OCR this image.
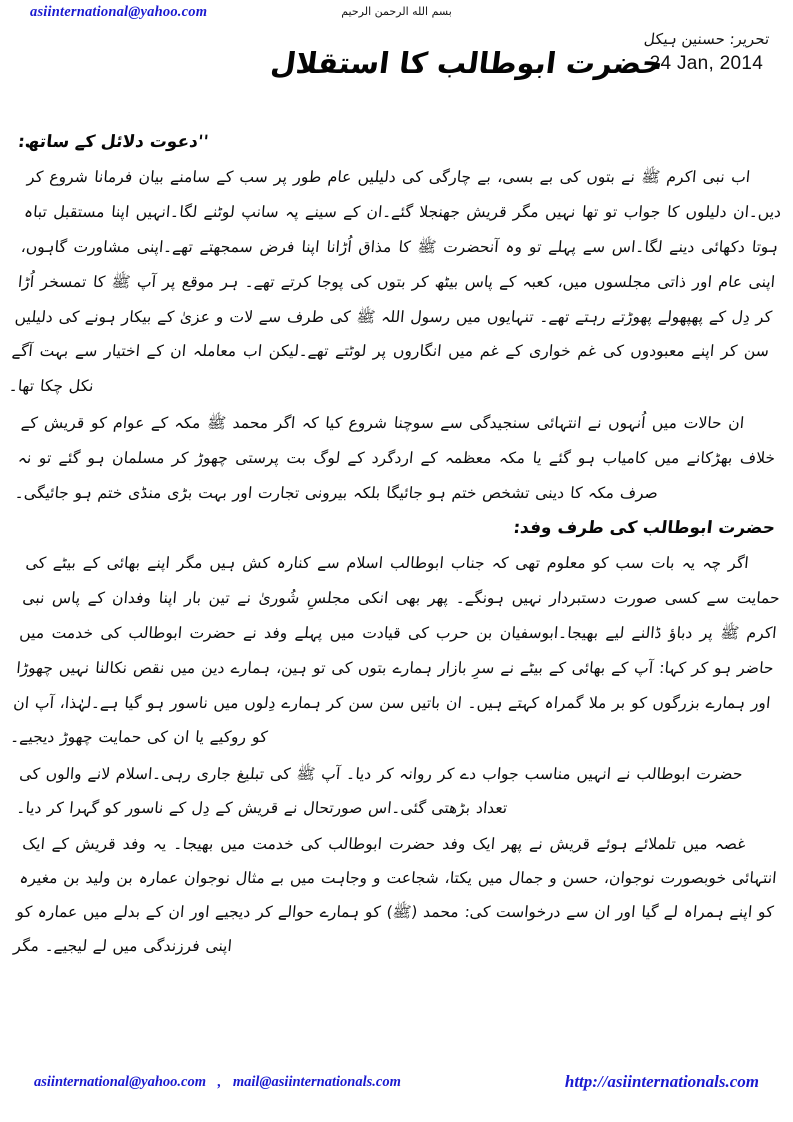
asiinternational@yahoo.com	بسم الله الرحمن الرحيم
تحریر: حسنین ہیکل
24 Jan, 2014
حضرت ابوطالب کا استقلال
''دعوت دلائل کے ساتھ:

اب نبی اکرم ﷺ نے بتوں کی بے بسی، بے چارگی کی دلیلیں عام طور پر سب کے سامنے بیان فرمانا شروع کر دیں۔ان دلیلوں کا جواب تو تھا نہیں مگر قریش جھنجلا گئے۔ان کے سینے پہ سانپ لوٹنے لگا۔انہیں اپنا مستقبل تباہ ہوتا دکھائی دینے لگا۔اس سے پہلے تو وہ آنحضرت ﷺ کا مذاق اُڑانا اپنا فرض سمجھتے تھے۔اپنی مشاورت گاہوں، اپنی عام اور ذاتی مجلسوں میں، کعبہ کے پاس بیٹھ کر بتوں کی پوجا کرتے تھے۔ ہر موقع پر آپ ﷺ کا تمسخر اُڑا کر دِل کے پھپھولے پھوڑتے رہتے تھے۔ تنہایوں میں رسول اللہ ﷺ کی طرف سے لات و عزیٰ کے بیکار ہونے کی دلیلیں سن کر اپنے معبودوں کی غم خواری کے غم میں انگاروں پر لوٹتے تھے۔لیکن اب معاملہ ان کے اختیار سے بہت آگے نکل چکا تھا۔

ان حالات میں اُنہوں نے انتہائی سنجیدگی سے سوچنا شروع کیا کہ اگر محمد ﷺ مکہ کے عوام کو قریش کے خلاف بھڑکانے میں کامیاب ہو گئے یا مکہ معظمہ کے اردگرد کے لوگ بت پرستی چھوڑ کر مسلمان ہو گئے تو نہ صرف مکہ کا دینی تشخص ختم ہو جائیگا بلکہ بیرونی تجارت اور بہت بڑی منڈی ختم ہو جائیگی۔

حضرت ابوطالب کی طرف وفد:

اگر چہ یہ بات سب کو معلوم تھی کہ جناب ابوطالب اسلام سے کنارہ کش ہیں مگر اپنے بھائی کے بیٹے کی حمایت سے کسی صورت دستبردار نہیں ہونگے۔ پھر بھی انکی مجلسِ شُوریٰ نے تین بار اپنا وفدان کے پاس نبی اکرم ﷺ پر دباؤ ڈالنے لیے بھیجا۔ابوسفیان بن حرب کی قیادت میں پہلے وفد نے حضرت ابوطالب کی خدمت میں حاضر ہو کر کہا: آپ کے بھائی کے بیٹے نے سرِ بازار ہمارے بتوں کی تو ہین، ہمارے دین میں نقص نکالنا نہیں چھوڑا اور ہمارے بزرگوں کو بر ملا گمراہ کہتے ہیں۔ ان باتیں سن سن کر ہمارے دِلوں میں ناسور ہو گیا ہے۔لہٰذا، آپ ان کو روکیے یا ان کی حمایت چھوڑ دیجیے۔

حضرت ابوطالب نے انہیں مناسب جواب دے کر روانہ کر دیا۔ آپ ﷺ کی تبلیغ جاری رہی۔اسلام لانے والوں کی تعداد بڑھتی گئی۔اس صورتحال نے قریش کے دِل کے ناسور کو گہرا کر دیا۔

غصہ میں تلملائے ہوئے قریش نے پھر ایک وفد حضرت ابوطالب کی خدمت میں بھیجا۔ یہ وفد قریش کے ایک انتہائی خوبصورت نوجوان، حسن و جمال میں یکتا، شجاعت و وجاہت میں بے مثال نوجوان عمارہ بن ولید بن مغیرہ کو اپنے ہمراہ لے گیا اور ان سے درخواست کی: محمد (ﷺ) کو ہمارے حوالے کر دیجیے اور ان کے بدلے میں عمارہ کو اپنی فرزندگی میں لے لیجیے۔ مگر

asiinternational@yahoo.com , mail@asiinternationals.com	http://asiinternationals.com
